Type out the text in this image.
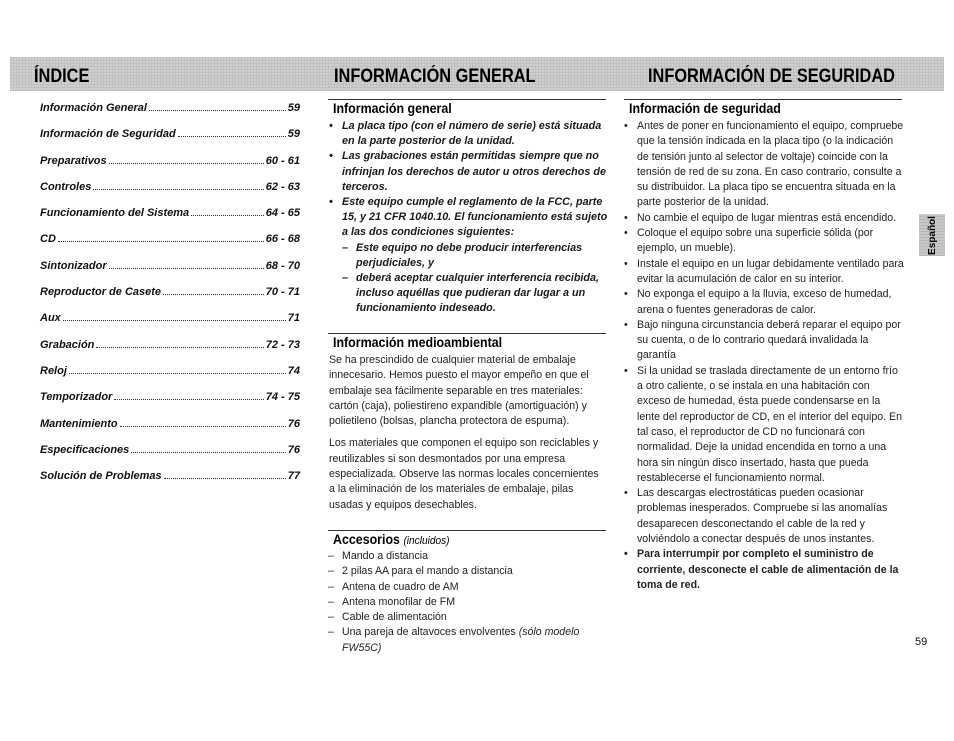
ÍNDICE	INFORMACIÓN GENERAL	INFORMACIÓN DE SEGURIDAD
Información General	59
Información de Seguridad	59
Preparativos	60 - 61
Controles	62 - 63
Funcionamiento del Sistema	64 - 65
CD	66 - 68
Sintonizador	68 - 70
Reproductor de Casete	70 - 71
Aux	71
Grabación	72 - 73
Reloj	74
Temporizador	74 - 75
Mantenimiento	76
Especificaciones	76
Solución de Problemas	77
Información general
• La placa tipo (con el número de serie) está situada en la parte posterior de la unidad.
• Las grabaciones están permitidas siempre que no infrinjan los derechos de autor u otros derechos de terceros.
• Este equipo cumple el reglamento de la FCC, parte 15, y 21 CFR 1040.10. El funcionamiento está sujeto a las dos condiciones siguientes:
– Este equipo no debe producir interferencias perjudiciales, y
– deberá aceptar cualquier interferencia recibida, incluso aquéllas que pudieran dar lugar a un funcionamiento indeseado.
Información medioambiental

Se ha prescindido de cualquier material de embalaje innecesario. Hemos puesto el mayor empeño en que el embalaje sea fácilmente separable en tres materiales: cartón (caja), poliestireno expandible (amortiguación) y polietileno (bolsas, plancha protectora de espuma).

Los materiales que componen el equipo son reciclables y reutilizables si son desmontados por una empresa especializada. Observe las normas locales concernientes a la eliminación de los materiales de embalaje, pilas usadas y equipos desechables.

Accesorios (incluidos)
– Mando a distancia
– 2 pilas AA para el mando a distancia
– Antena de cuadro de AM
– Antena monofilar de FM
– Cable de alimentación
– Una pareja de altavoces envolventes (sólo modelo FW55C)
Información de seguridad
• Antes de poner en funcionamiento el equipo, compruebe que la tensión indicada en la placa tipo (o la indicación de tensión junto al selector de voltaje) coincide con la tensión de red de su zona. En caso contrario, consulte a su distribuidor. La placa tipo se encuentra situada en la parte posterior de la unidad.
• No cambie el equipo de lugar mientras está encendido.
• Coloque el equipo sobre una superficie sólida (por ejemplo, un mueble).
• Instale el equipo en un lugar debidamente ventilado para evitar la acumulación de calor en su interior.
• No exponga el equipo a la lluvia, exceso de humedad, arena o fuentes generadoras de calor.
• Bajo ninguna circunstancia deberá reparar el equipo por su cuenta, o de lo contrario quedará invalidada la garantía
• Si la unidad se traslada directamente de un entorno frío a otro caliente, o se instala en una habitación con exceso de humedad, ésta puede condensarse en la lente del reproductor de CD, en el interior del equipo. En tal caso, el reproductor de CD no funcionará con normalidad. Deje la unidad encendida en torno a una hora sin ningún disco insertado, hasta que pueda restablecerse el funcionamiento normal.
• Las descargas electrostáticas pueden ocasionar problemas inesperados. Compruebe si las anomalías desaparecen desconectando el cable de la red y volviéndolo a conectar después de unos instantes.
• Para interrumpir por completo el suministro de corriente, desconecte el cable de alimentación de la toma de red.
Español
59
